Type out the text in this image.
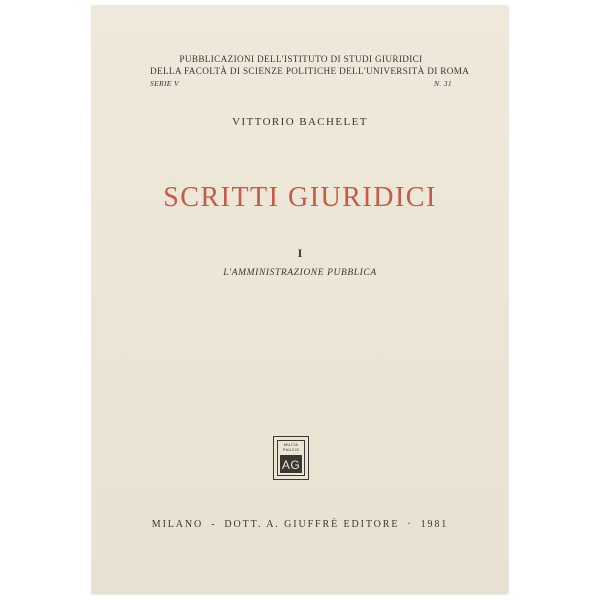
PUBBLICAZIONI DELL'ISTITUTO DI STUDI GIURIDICI
DELLA FACOLTÀ DI SCIENZE POLITICHE DELL'UNIVERSITÀ DI ROMA
SERIE V	N. 31
VITTORIO BACHELET
SCRITTI GIURIDICI
I
L'AMMINISTRAZIONE PUBBLICA
MULTA
PAUCIS
AG
MILANO - DOTT. A. GIUFFRÈ EDITORE · 1981
